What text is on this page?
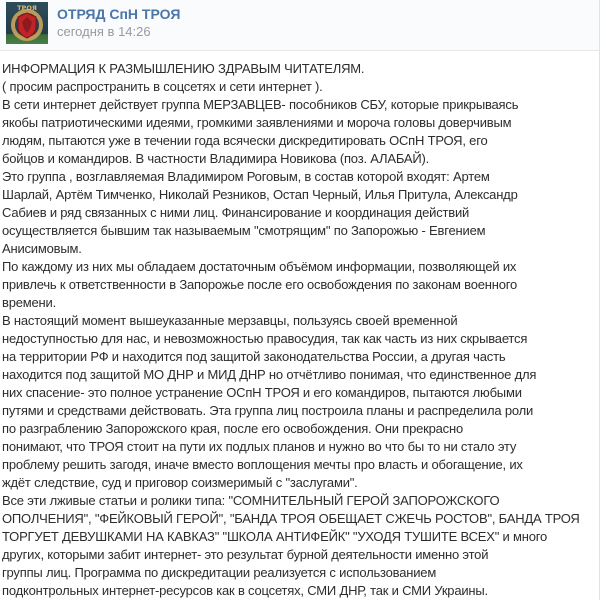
ТРОЯ ОТРЯД СпН ТРОЯ
сегодня в 14:26
ИНФОРМАЦИЯ К РАЗМЫШЛЕНИЮ ЗДРАВЫМ ЧИТАТЕЛЯМ.
( просим распространить в соцсетях и сети интернет ).
В сети интернет действует группа МЕРЗАВЦЕВ- пособников СБУ, которые прикрываясь
якобы патриотическими идеями, громкими заявлениями и мороча головы доверчивым
людям, пытаются уже в течении года всячески дискредитировать ОСпН ТРОЯ, его
бойцов и командиров. В частности Владимира Новикова (поз. АЛАБАЙ).
Это группа , возглавляемая Владимиром Роговым, в состав которой входят: Артем
Шарлай, Артём Тимченко, Николай Резников, Остап Черный, Илья Притула, Александр
Сабиев и ряд связанных с ними лиц. Финансирование и координация действий
осуществляется бывшим так называемым "смотрящим" по Запорожью - Евгением
Анисимовым.
По каждому из них мы обладаем достаточным объёмом информации, позволяющей их
привлечь к ответственности в Запорожье после его освобождения по законам военного
времени.
В настоящий момент вышеуказанные мерзавцы, пользуясь своей временной
недоступностью для нас, и невозможностью правосудия, так как часть из них скрывается
на территории РФ и находится под защитой законодательства России, а другая часть
находится под защитой МО ДНР и МИД ДНР но отчётливо понимая, что единственное для
них спасение- это полное устранение ОСпН ТРОЯ и его командиров, пытаются любыми
путями и средствами действовать. Эта группа лиц построила планы и распределила роли
по разграблению Запорожского края, после его освобождения. Они прекрасно
понимают, что ТРОЯ стоит на пути их подлых планов и нужно во что бы то ни стало эту
проблему решить загодя, иначе вместо воплощения мечты про власть и обогащение, их
ждёт следствие, суд и приговор соизмеримый с "заслугами".
Все эти лживые статьи и ролики типа: "СОМНИТЕЛЬНЫЙ ГЕРОЙ ЗАПОРОЖСКОГО
ОПОЛЧЕНИЯ", "ФЕЙКОВЫЙ ГЕРОЙ", "БАНДА ТРОЯ ОБЕЩАЕТ СЖЕЧЬ РОСТОВ", БАНДА ТРОЯ
ТОРГУЕТ ДЕВУШКАМИ НА КАВКАЗ" "ШКОЛА АНТИФЕЙК" "УХОДЯ ТУШИТЕ ВСЕХ" и много
других, которыми забит интернет- это результат бурной деятельности именно этой
группы лиц. Программа по дискредитации реализуется с использованием
подконтрольных интернет-ресурсов как в соцсетях, СМИ ДНР, так и СМИ Украины.
